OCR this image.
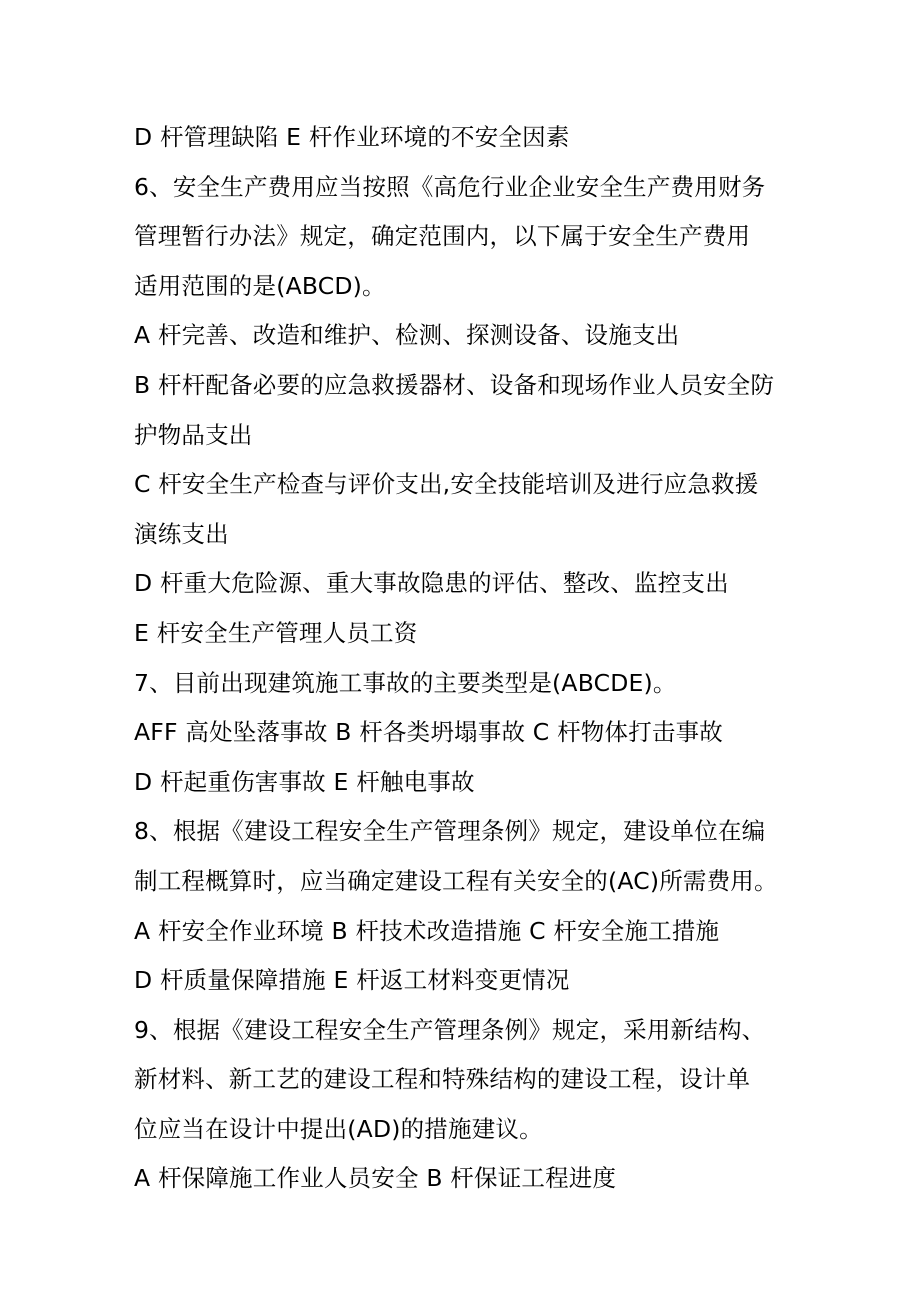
D 杆管理缺陷 E 杆作业环境的不安全因素
6、安全生产费用应当按照《高危行业企业安全生产费用财务
管理暂行办法》规定，确定范围内，以下属于安全生产费用
适用范围的是(ABCD)。
A 杆完善、改造和维护、检测、探测设备、设施支出
B 杆杆配备必要的应急救援器材、设备和现场作业人员安全防
护物品支出
C 杆安全生产检查与评价支出,安全技能培训及进行应急救援
演练支出
D 杆重大危险源、重大事故隐患的评估、整改、监控支出
E 杆安全生产管理人员工资
7、目前出现建筑施工事故的主要类型是(ABCDE)。
AFF 高处坠落事故 B 杆各类坍塌事故 C 杆物体打击事故
D 杆起重伤害事故 E 杆触电事故
8、根据《建设工程安全生产管理条例》规定，建设单位在编
制工程概算时，应当确定建设工程有关安全的(AC)所需费用。
A 杆安全作业环境 B 杆技术改造措施 C 杆安全施工措施
D 杆质量保障措施 E 杆返工材料变更情况
9、根据《建设工程安全生产管理条例》规定，采用新结构、
新材料、新工艺的建设工程和特殊结构的建设工程，设计单
位应当在设计中提出(AD)的措施建议。
A 杆保障施工作业人员安全 B 杆保证工程进度
